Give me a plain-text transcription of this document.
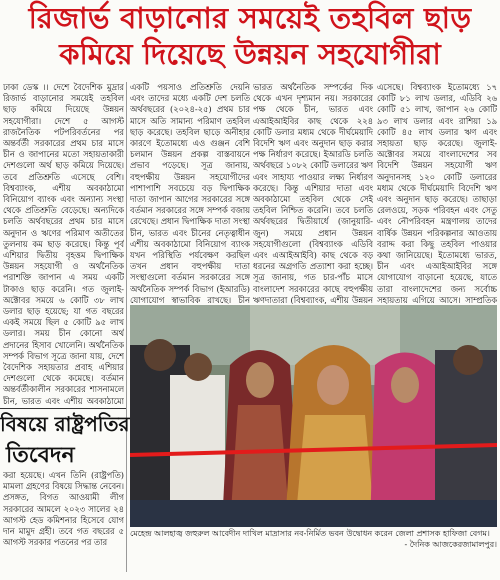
রিজার্ভ বাড়ানোর সময়েই তহবিল ছাড়
কমিয়ে দিয়েছে উন্নয়ন সহযোগীরা
ঢাকা ডেস্ক ।। দেশে বৈদেশিক মুদ্রার রিজার্ভ বাড়ানোর সময়েই তহবিল ছাড় কমিয়ে দিয়েছে উন্নয়ন সহযোগীরা। দেশে ৫ আগস্ট রাজনৈতিক পটপরিবর্তনের পর অন্তর্বর্তী সরকারের প্রথম চার মাসে চীন ও জাপানের মতো সহায়তাকারী দেশগুলো অর্থ ছাড় কমিয়ে দিয়েছে। তবে প্রতিশ্রুতি এসেছে বেশি। বিশ্বব্যাংক, এশীয় অবকাঠামো বিনিয়োগ ব্যাংক এবং অন্যান্য সংস্থা থেকে প্রতিশ্রুতি বেড়েছে। অন্যদিকে চলতি অর্থবছরের প্রথম চার মাসে অনুদান ও ঋণের পরিমাণ অতীতের তুলনায় কম ছাড় করেছে। কিন্তু পূর্ব এশিয়ার দ্বিতীয় বৃহত্তম দ্বিপাক্ষিক উন্নয়ন সহযোগী ও অর্থনৈতিক পরাশক্তি জাপান এ সময় একটি টাকাও ছাড় করেনি। গত জুলাই-অক্টোবর সময়ে ৬ কোটি ৩৮ লাখ ডলার ছাড় হয়েছে; যা গত বছরের একই সময়ে ছিল ৫ কোটি ৯৫ লাখ ডলার। সময় চীন কোনো অর্থ প্রদানের হিসাব খোলেনি। অর্থনৈতিক সম্পর্ক বিভাগ সূত্রে জানা যায়, দেশে বৈদেশিক সহায়তার প্রবাহ এশিয়ার দেশগুলো থেকে কমেছে। বর্তমান অন্তর্বর্তীকালীন সরকারের শাসনামলে চীন, ভারত এবং এশীয় অবকাঠামো
একটি পয়সাও প্রতিশ্রুতি দেয়নি এবং তাদের মধ্যে একটি দেশ চলতি অর্থবছরের (২০২৪-২৫) প্রথম চার মাসে অতি সামান্য পরিমাণ তহবিল ছাড় করেছে। তহবিল ছাড়ে অনীহার কারণে ইতোমধ্যে এও গুঞ্জন বেশি চলমান উন্নয়ন প্রকল্প বাস্তবায়নে প্রভাব পড়েছে। সূত্র জানায়, বহুপক্ষীয় উন্নয়ন সহযোগীদের পাশাপাশি সবচেয়ে বড় দ্বিপাক্ষিক দাতা জাপান আগের সরকারের সঙ্গে বর্তমান সরকারের সঙ্গে সম্পর্ক বজায় রেখেছে। প্রধান দ্বিপাক্ষিক দাতা সংস্থা চীন, ভারত এবং চীনের নেতৃত্বাধীন এশীয় অবকাঠামো বিনিয়োগ ব্যাংক যখন পরিস্থিতি পর্যবেক্ষণ করছিল তখন প্রধান বহুপক্ষীয় দাতা সংস্থাগুলো বর্তমান সরকারের সঙ্গে অর্থনৈতিক সম্পর্ক বিভাগ (ইআরডি) যোগাযোগ স্বাভাবিক রাখছে। চীন
ভারত অর্থনৈতিক সম্পর্কের দিক থেকে এখন দৃশ্যমান নয়। সরকারের পক্ষ থেকে চীন, ভারত এবং এআইআইবির কাছ থেকে ২২৪ কোটি ডলার মধ্যম থেকে দীর্ঘমেয়াদি বিদেশি ঋণ এবং অনুদান ছাড় করার পক্ষ নির্ধারণ করেছে। ইআরডি চলতি অর্থবছরে ১০৮২ কোটি ডলারের ঋণ এবং সাহায্য পাওয়ার লক্ষ্য নির্ধারণ করেছে। কিন্তু এশিয়ার দাতা এবং অবকাঠামো তহবিল থেকে সেই তহবিল নিশ্চিত করেনি। তবে চলতি অর্থবছরের দ্বিতীয়ার্ধে (জানুয়ারি-জুন) সময়ে প্রধান উন্নয়ন সহযোগীগুলো (বিশ্বব্যাংক এডিবি এবং এআইআইবি) কাছ থেকে বড় ধরনের অগ্রগতি প্রত্যাশা করা হচ্ছে। সূত্র জানায়, গত চার-পাঁচ মাসে বাংলাদেশ সরকারের কাছে বহুপক্ষীয় ঋণদাতারা (বিশ্বব্যাংক, এশীয় উন্নয়ন
এসেছে। বিশ্বব্যাংক ইতোমধ্যে ১৭ কোটি ৮১ লাখ ডলার, এডিবি ২৬ কোটি ৫১ লাখ, জাপান ২৬ কোটি ৯৩ লাখ ডলার এবং রাশিয়া ১৯ কোটি ৪৫ লাখ ডলার ঋণ এবং সহায়তা ছাড় করেছে। জুলাই-অক্টোবর সময়ে বাংলাদেশের সব বিদেশি উন্নয়ন সহযোগী ঋণ অনুদানসহ ১২০ কোটি ডলারের মধ্যম থেকে দীর্ঘমেয়াদি বিদেশি ঋণ এবং অনুদান ছাড় করেছে। তাছাড়া রেলওয়ে, সড়ক পরিবহন এবং সেতু এবং নৌপরিবহন মন্ত্রণালয় তাদের বার্ষিক উন্নয়ন পরিকল্পনার আওতায় বরাদ্দ করা কিছু তহবিল পাওয়ার কথা জানিয়েছে। ইতোমধ্যে ভারত, চীন এবং এআইআইবির সঙ্গে যোগাযোগ বাড়ানো হয়েছে, যাতে তারা বাংলাদেশের জন্য সর্বোচ্চ সহায়তায় এগিয়ে আসে। সাম্প্রতিক
বিষয়ে রাষ্ট্রপতির
তিবেদন
করা হয়েছে। এখন তিনি (রাষ্ট্রপতি) মামলা গ্রহণের বিষয়ে সিদ্ধান্ত নেবেন। প্রসঙ্গত, বিগত আওয়ামী লীগ সরকারের আমলে ২০২৩ সালের ২৪ আগস্ট হেড কমিশনার হিসেবে যোগ দান মামুদ গ্রহী। তবে গত বছরের ৫ আগস্ট সরকার পতনের পর তার
মেহেন্দ্র আলহাজ্ব জহুরুল আবেদীন দাখিল মাদ্রাসার নব-নির্মিত ভবন উদ্বোধন করেন জেলা প্রশাসক হাফিজা বেগম।
- দৈনিক আজকেরজামালপুর।
